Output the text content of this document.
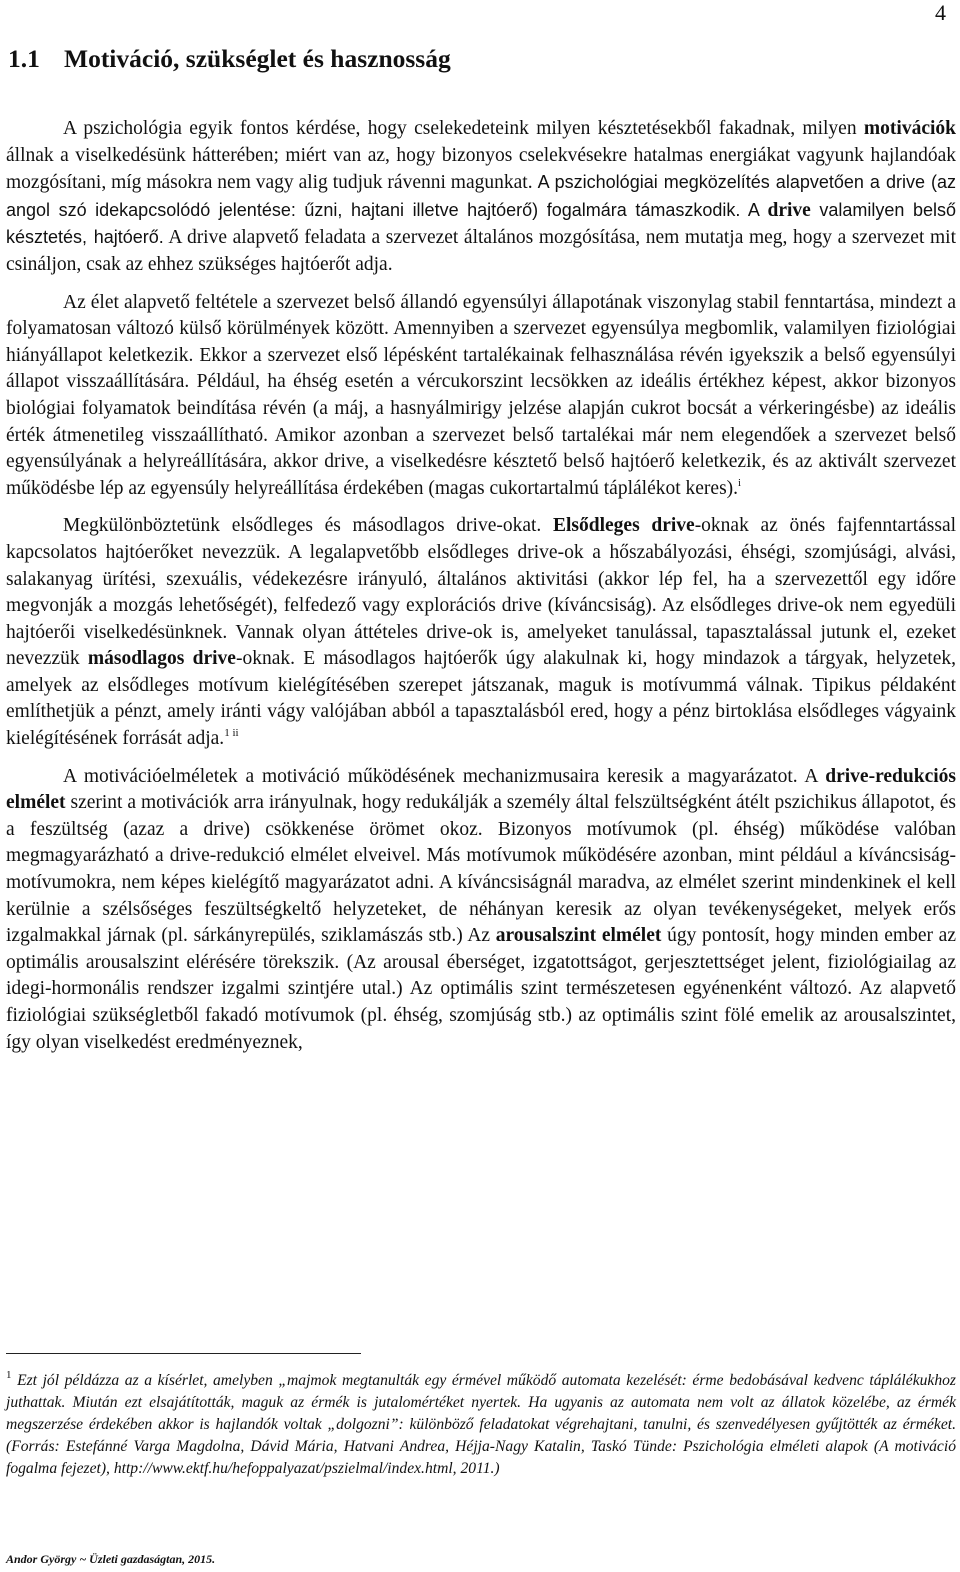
4
1.1 Motiváció, szükséglet és hasznosság

A pszichológia egyik fontos kérdése, hogy cselekedeteink milyen késztetésekből fakadnak, milyen motivációk állnak a viselkedésünk hátterében; miért van az, hogy bizonyos cselekvésekre hatalmas energiákat vagyunk hajlandóak mozgósítani, míg másokra nem vagy alig tudjuk rávenni magunkat. A pszichológiai megközelítés alapvetően a drive (az angol szó idekapcsolódó jelentése: űzni, hajtani illetve hajtóerő) fogalmára támaszkodik. A drive valamilyen belső késztetés, hajtóerő. A drive alapvető feladata a szervezet általános mozgósítása, nem mutatja meg, hogy a szervezet mit csináljon, csak az ehhez szükséges hajtóerőt adja.

Az élet alapvető feltétele a szervezet belső állandó egyensúlyi állapotának viszonylag stabil fenntartása, mindezt a folyamatosan változó külső körülmények között. Amennyiben a szervezet egyensúlya megbomlik, valamilyen fiziológiai hiányállapot keletkezik. Ekkor a szervezet első lépésként tartalékainak felhasználása révén igyekszik a belső egyensúlyi állapot visszaállítására. Például, ha éhség esetén a vércukorszint lecsökken az ideális értékhez képest, akkor bizonyos biológiai folyamatok beindítása révén (a máj, a hasnyálmirigy jelzése alapján cukrot bocsát a vérkeringésbe) az ideális érték átmenetileg visszaállítható. Amikor azonban a szervezet belső tartalékai már nem elegendőek a szervezet belső egyensúlyának a helyreállítására, akkor drive, a viselkedésre késztető belső hajtóerő keletkezik, és az aktivált szervezet működésbe lép az egyensúly helyreállítása érdekében (magas cukortartalmú táplálékot keres).$^i$

Megkülönböztetünk elsődleges és másodlagos drive-okat. Elsődleges drive-oknak az önés fajfenntartással kapcsolatos hajtóerőket nevezzük. A legalapvetőbb elsődleges drive-ok a hőszabályozási, éhségi, szomjúsági, alvási, salakanyag ürítési, szexuális, védekezésre irányuló, általános aktivitási (akkor lép fel, ha a szervezettől egy időre megvonják a mozgás lehetőségét), felfedező vagy explorációs drive (kíváncsiság). Az elsődleges drive-ok nem egyedüli hajtóerői viselkedésünknek. Vannak olyan áttételes drive-ok is, amelyeket tanulással, tapasztalással jutunk el, ezeket nevezzük másodlagos drive-oknak. E másodlagos hajtóerők úgy alakulnak ki, hogy mindazok a tárgyak, helyzetek, amelyek az elsődleges motívum kielégítésében szerepet játszanak, maguk is motívummá válnak. Tipikus példaként említhetjük a pénzt, amely iránti vágy valójában abból a tapasztalásból ered, hogy a pénz birtoklása elsődleges vágyaink kielégítésének forrását adja.$^{1 ii}$

A motivációelméletek a motiváció működésének mechanizmusaira keresik a magyarázatot. A drive-redukciós elmélet szerint a motivációk arra irányulnak, hogy redukálják a személy által felszültségként átélt pszichikus állapotot, és a feszültség (azaz a drive) csökkenése örömet okoz. Bizonyos motívumok (pl. éhség) működése valóban megmagyarázható a drive-redukció elmélet elveivel. Más motívumok működésére azonban, mint például a kíváncsiság-motívumokra, nem képes kielégítő magyarázatot adni. A kíváncsiságnál maradva, az elmélet szerint mindenkinek el kell kerülnie a szélsőséges feszültségkeltő helyzeteket, de néhányan keresik az olyan tevékenységeket, melyek erős izgalmakkal járnak (pl. sárkányrepülés, sziklamászás stb.) Az arousalszint elmélet úgy pontosít, hogy minden ember az optimális arousalszint elérésére törekszik. (Az arousal éberséget, izgatottságot, gerjesztettséget jelent, fiziológiailag az idegi-hormonális rendszer izgalmi szintjére utal.) Az optimális szint természetesen egyénenként változó. Az alapvető fiziológiai szükségletből fakadó motívumok (pl. éhség, szomjúság stb.) az optimális szint fölé emelik az arousalszintet, így olyan viselkedést eredményeznek,

$^1$ Ezt jól példázza az a kísérlet, amelyben „majmok megtanulták egy érmével működő automata kezelését: érme bedobásával kedvenc táplálékukhoz juthattak. Miután ezt elsajátították, maguk az érmék is jutalomértéket nyertek. Ha ugyanis az automata nem volt az állatok közelébe, az érmék megszerzése érdekében akkor is hajlandók voltak „dolgozni”: különböző feladatokat végrehajtani, tanulni, és szenvedélyesen gyűjtötték az érméket. (Forrás: Estefánné Varga Magdolna, Dávid Mária, Hatvani Andrea, Héjja-Nagy Katalin, Taskó Tünde: Pszichológia elméleti alapok (A motiváció fogalma fejezet), http://www.ektf.hu/hefoppalyazat/pszielmal/index.html, 2011.)
Andor György ~ Üzleti gazdaságtan, 2015.
